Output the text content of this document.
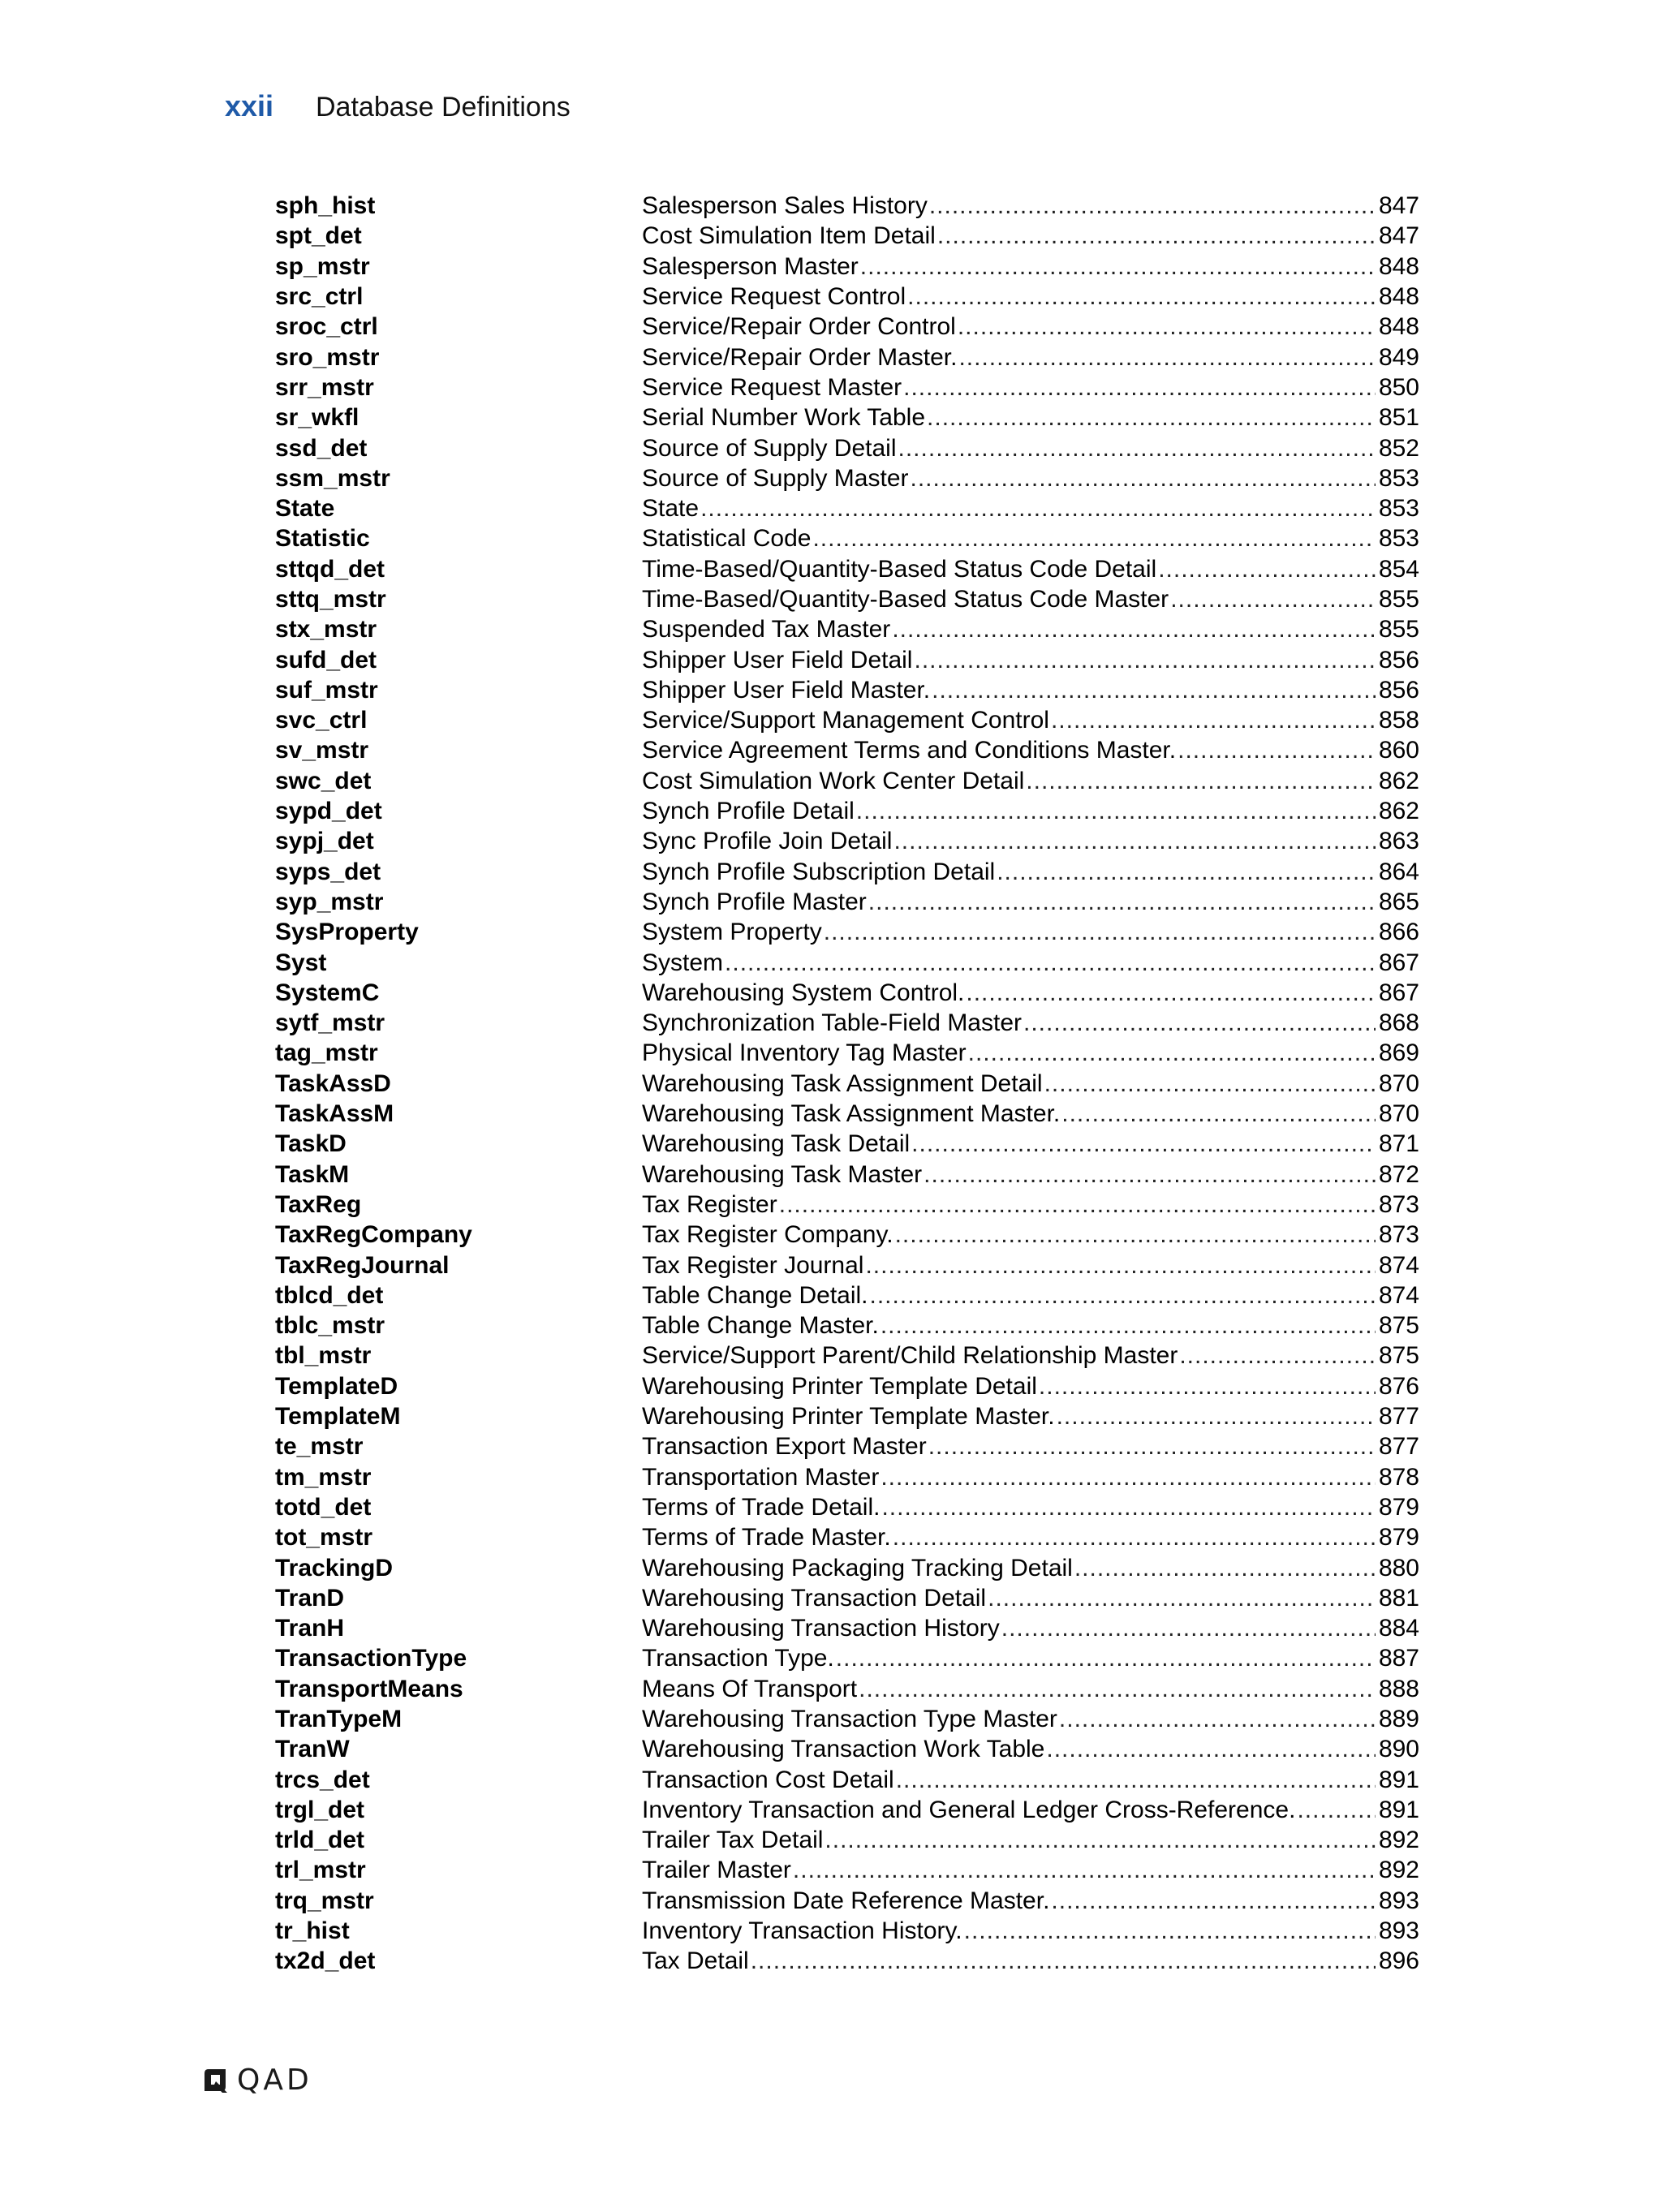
xxii	Database Definitions
sph_hist	Salesperson Sales History .....	847
spt_det	Cost Simulation Item Detail .....	847
sp_mstr	Salesperson Master .....	848
src_ctrl	Service Request Control .....	848
sroc_ctrl	Service/Repair Order Control .....	848
sro_mstr	Service/Repair Order Master. .....	849
srr_mstr	Service Request Master .....	850
sr_wkfl	Serial Number Work Table .....	851
ssd_det	Source of Supply Detail .....	852
ssm_mstr	Source of Supply Master .....	853
State	State .....	853
Statistic	Statistical Code .....	853
sttqd_det	Time-Based/Quantity-Based Status Code Detail .....	854
sttq_mstr	Time-Based/Quantity-Based Status Code Master .....	855
stx_mstr	Suspended Tax Master .....	855
sufd_det	Shipper User Field Detail .....	856
suf_mstr	Shipper User Field Master. .....	856
svc_ctrl	Service/Support Management Control .....	858
sv_mstr	Service Agreement Terms and Conditions Master. .....	860
swc_det	Cost Simulation Work Center Detail .....	862
sypd_det	Synch Profile Detail .....	862
sypj_det	Sync Profile Join Detail .....	863
syps_det	Synch Profile Subscription Detail .....	864
syp_mstr	Synch Profile Master .....	865
SysProperty	System Property .....	866
Syst	System .....	867
SystemC	Warehousing System Control. .....	867
sytf_mstr	Synchronization Table-Field Master .....	868
tag_mstr	Physical Inventory Tag Master .....	869
TaskAssD	Warehousing Task Assignment Detail .....	870
TaskAssM	Warehousing Task Assignment Master. .....	870
TaskD	Warehousing Task Detail .....	871
TaskM	Warehousing Task Master .....	872
TaxReg	Tax Register .....	873
TaxRegCompany	Tax Register Company. .....	873
TaxRegJournal	Tax Register Journal .....	874
tblcd_det	Table Change Detail. .....	874
tblc_mstr	Table Change Master. .....	875
tbl_mstr	Service/Support Parent/Child Relationship Master .....	875
TemplateD	Warehousing Printer Template Detail .....	876
TemplateM	Warehousing Printer Template Master. .....	877
te_mstr	Transaction Export Master .....	877
tm_mstr	Transportation Master .....	878
totd_det	Terms of Trade Detail. .....	879
tot_mstr	Terms of Trade Master. .....	879
TrackingD	Warehousing Packaging Tracking Detail .....	880
TranD	Warehousing Transaction Detail .....	881
TranH	Warehousing Transaction History .....	884
TransactionType	Transaction Type. .....	887
TransportMeans	Means Of Transport .....	888
TranTypeM	Warehousing Transaction Type Master .....	889
TranW	Warehousing Transaction Work Table .....	890
trcs_det	Transaction Cost Detail .....	891
trgl_det	Inventory Transaction and General Ledger Cross-Reference. .....	891
trld_det	Trailer Tax Detail .....	892
trl_mstr	Trailer Master .....	892
trq_mstr	Transmission Date Reference Master. .....	893
tr_hist	Inventory Transaction History. .....	893
tx2d_det	Tax Detail .....	896
QAD
